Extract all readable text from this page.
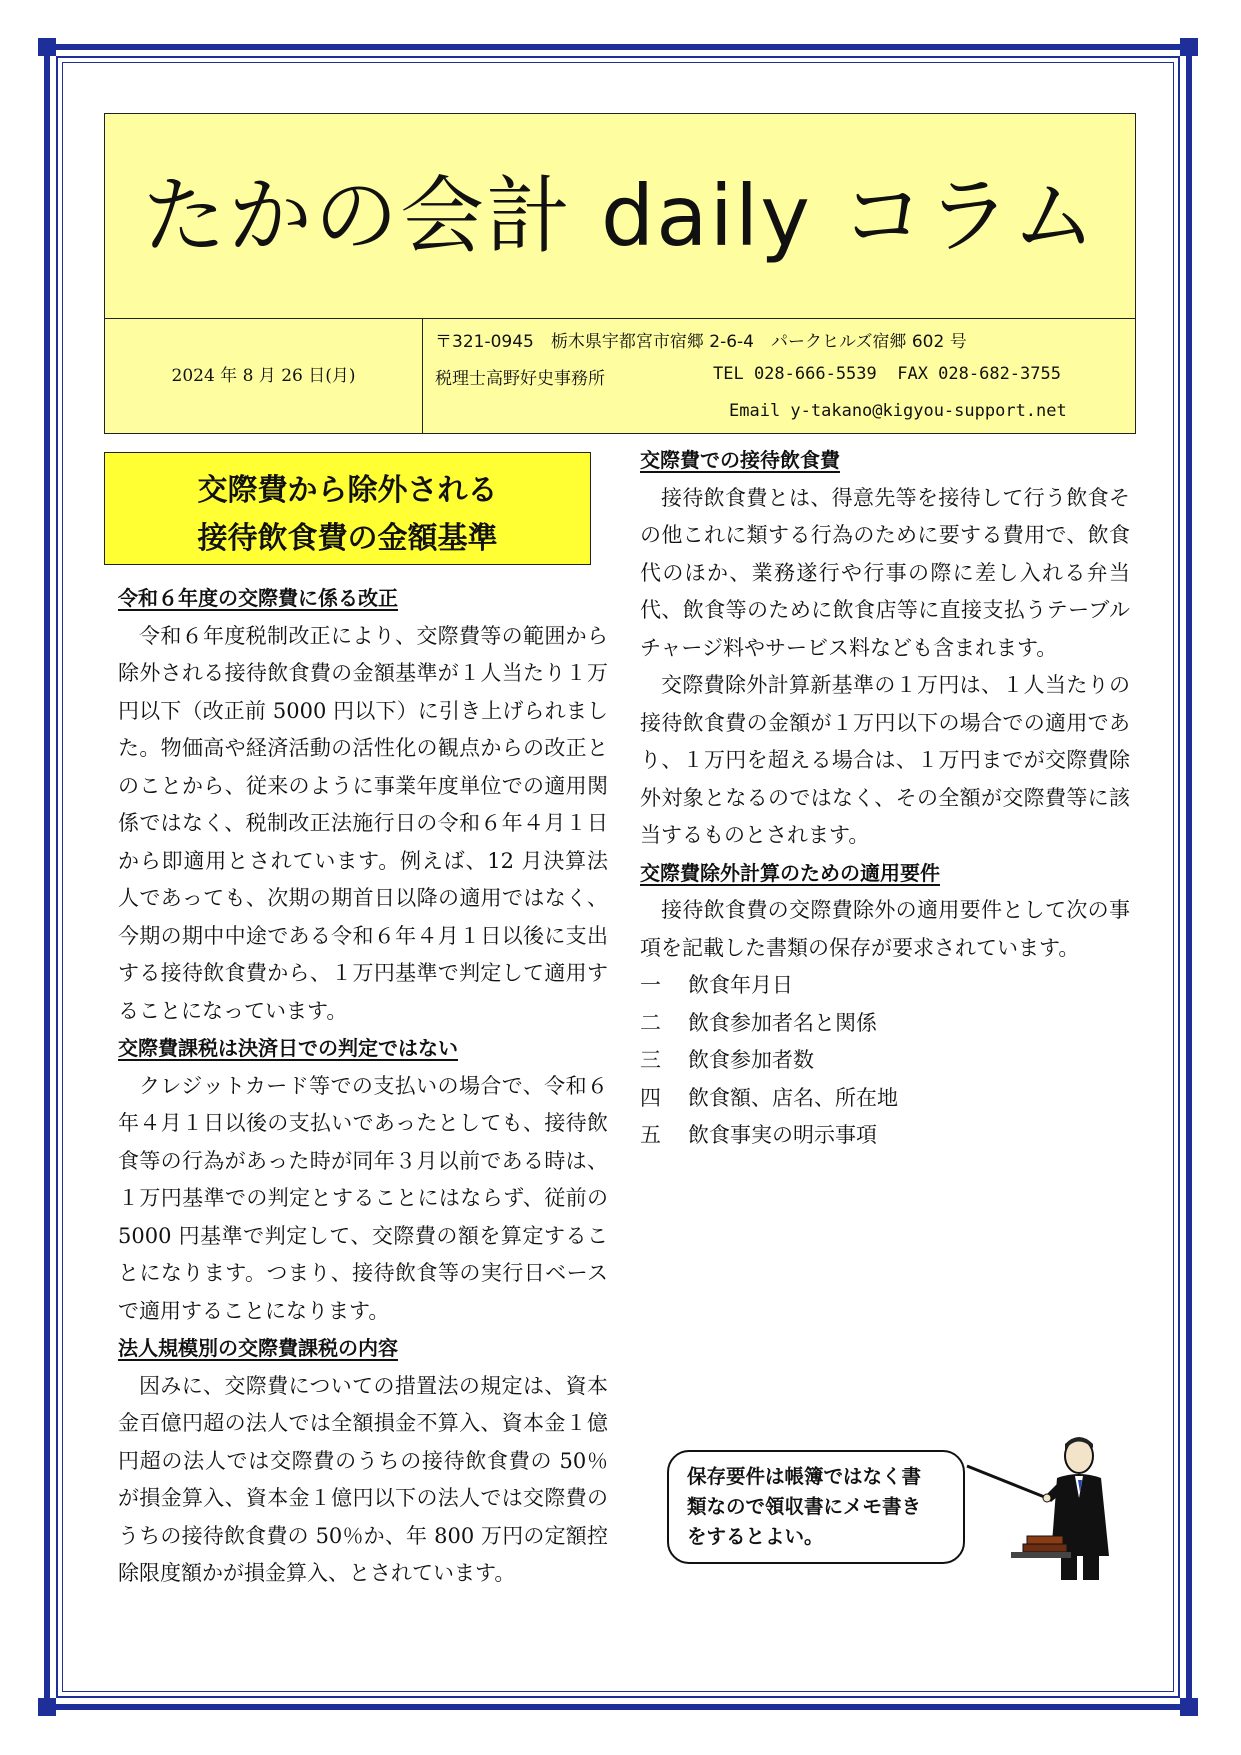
たかの会計 daily コラム
2024 年 8 月 26 日(月)
〒321-0945　栃木県宇都宮市宿郷 2-6-4　パークヒルズ宿郷 602 号
税理士高野好史事務所	TEL 028-666-5539  FAX 028-682-3755
Email y-takano@kigyou-support.net
交際費から除外される
接待飲食費の金額基準
令和６年度の交際費に係る改正

令和６年度税制改正により、交際費等の範囲から除外される接待飲食費の金額基準が１人当たり１万円以下（改正前 5000 円以下）に引き上げられました。物価高や経済活動の活性化の観点からの改正とのことから、従来のように事業年度単位での適用関係ではなく、税制改正法施行日の令和６年４月１日から即適用とされています。例えば、12 月決算法人であっても、次期の期首日以降の適用ではなく、今期の期中中途である令和６年４月１日以後に支出する接待飲食費から、１万円基準で判定して適用することになっています。

交際費課税は決済日での判定ではない

クレジットカード等での支払いの場合で、令和６年４月１日以後の支払いであったとしても、接待飲食等の行為があった時が同年３月以前である時は、１万円基準での判定とすることにはならず、従前の 5000 円基準で判定して、交際費の額を算定することになります。つまり、接待飲食等の実行日ベースで適用することになります。

法人規模別の交際費課税の内容

因みに、交際費についての措置法の規定は、資本金百億円超の法人では全額損金不算入、資本金１億円超の法人では交際費のうちの接待飲食費の 50％が損金算入、資本金１億円以下の法人では交際費のうちの接待飲食費の 50％か、年 800 万円の定額控除限度額かが損金算入、とされています。

交際費での接待飲食費

接待飲食費とは、得意先等を接待して行う飲食その他これに類する行為のために要する費用で、飲食代のほか、業務遂行や行事の際に差し入れる弁当代、飲食等のために飲食店等に直接支払うテーブルチャージ料やサービス料なども含まれます。

交際費除外計算新基準の１万円は、１人当たりの接待飲食費の金額が１万円以下の場合での適用であり、１万円を超える場合は、１万円までが交際費除外対象となるのではなく、その全額が交際費等に該当するものとされます。

交際費除外計算のための適用要件

接待飲食費の交際費除外の適用要件として次の事項を記載した書類の保存が要求されています。

一 飲食年月日
二 飲食参加者名と関係
三 飲食参加者数
四 飲食額、店名、所在地
五 飲食事実の明示事項
保存要件は帳簿ではなく書
類なので領収書にメモ書き
をするとよい。
